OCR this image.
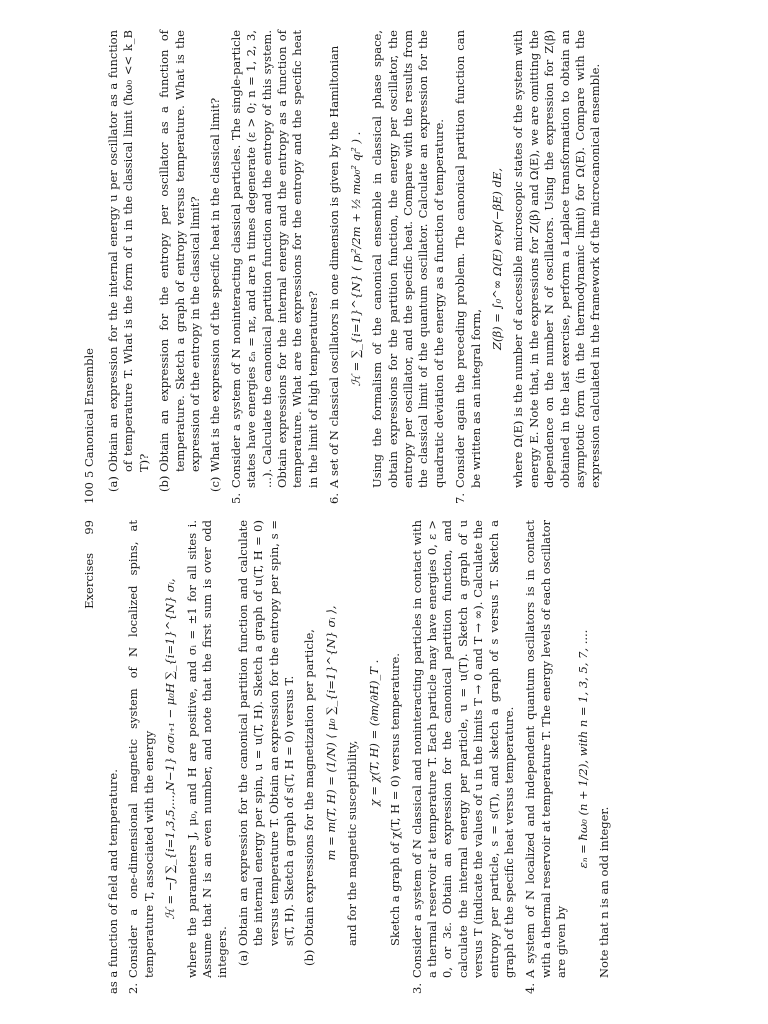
Exercises     99

as a function of field and temperature. 2.

Consider a one-dimensional magnetic system of N localized spins, at temperature T, associated with the energy ℋ = −J ∑_{i=1,3,5,...,N−1} σᵢσᵢ₊₁ − μ₀H ∑_{i=1}^{N} σᵢ, where the parameters J, μ₀, and H are positive, and σᵢ = ±1 for all sites i. Assume that N is an even number, and note that the first sum is over odd integers. (a)

Obtain an expression for the canonical partition function and calculate the internal energy per spin, u = u(T, H). Sketch a graph of u(T, H = 0) versus temperature T. Obtain an expression for the entropy per spin, s = s(T, H). Sketch a graph of s(T, H = 0) versus T.

(b)

Obtain expressions for the magnetization per particle, m = m(T, H) = (1/N) ⟨ μ₀ ∑_{i=1}^{N} σᵢ ⟩, and for the magnetic susceptibility,

χ = χ(T, H) = (∂m/∂H)_T . Sketch a graph of χ(T, H = 0) versus temperature.

3.

Consider a system of N classical and noninteracting particles in contact with a thermal reservoir at temperature T. Each particle may have energies 0, ε > 0, or 3ε. Obtain an expression for the canonical partition function, and calculate the internal energy per particle, u = u(T). Sketch a graph of u versus T (indicate the values of u in the limits T → 0 and T → ∞). Calculate the entropy per particle, s = s(T), and sketch a graph of s versus T. Sketch a graph of the specific heat versus temperature.

4.

A system of N localized and independent quantum oscillators is in contact with a thermal reservoir at temperature T. The energy levels of each oscillator are given by

εₙ = ħω₀ (n + 1/2), with n = 1, 3, 5, 7, ....

Note that n is an odd integer.

100
5 Canonical Ensemble
(a)

Obtain an expression for the internal energy u per oscillator as a function of temperature T. What is the form of u in the classical limit (ħω₀ << k_B T)?

(b)

Obtain an expression for the entropy per oscillator as a function of temperature. Sketch a graph of entropy versus temperature. What is the expression of the entropy in the classical limit?

(c)

What is the expression of the specific heat in the classical limit?

5.

Consider a system of N noninteracting classical particles. The single-particle states have energies εₙ = nε, and are n times degenerate (ε > 0; n = 1, 2, 3, ...). Calculate the canonical partition function and the entropy of this system. Obtain expressions for the internal energy and the entropy as a function of temperature. What are the expressions for the entropy and the specific heat in the limit of high temperatures?

6.

A set of N classical oscillators in one dimension is given by the Hamiltonian ℋ = ∑_{i=1}^{N} ( pᵢ²/2m + ½ mω₀² qᵢ² ) . Using the formalism of the canonical ensemble in classical phase space, obtain expressions for the partition function, the energy per oscillator, the entropy per oscillator, and the specific heat. Compare with the results from the classical limit of the quantum oscillator. Calculate an expression for the quadratic deviation of the energy as a function of temperature.

7.

Consider again the preceding problem. The canonical partition function can be written as an integral form,

Z(β) = ∫₀^∞ Ω(E) exp(−βE) dE, where Ω(E) is the number of accessible microscopic states of the system with energy E. Note that, in the expressions for Z(β) and Ω(E), we are omitting the dependence on the number N of oscillators. Using the expression for Z(β) obtained in the last exercise, perform a Laplace transformation to obtain an asymptotic form (in the thermodynamic limit) for Ω(E). Compare with the expression calculated in the framework of the microcanonical ensemble.
